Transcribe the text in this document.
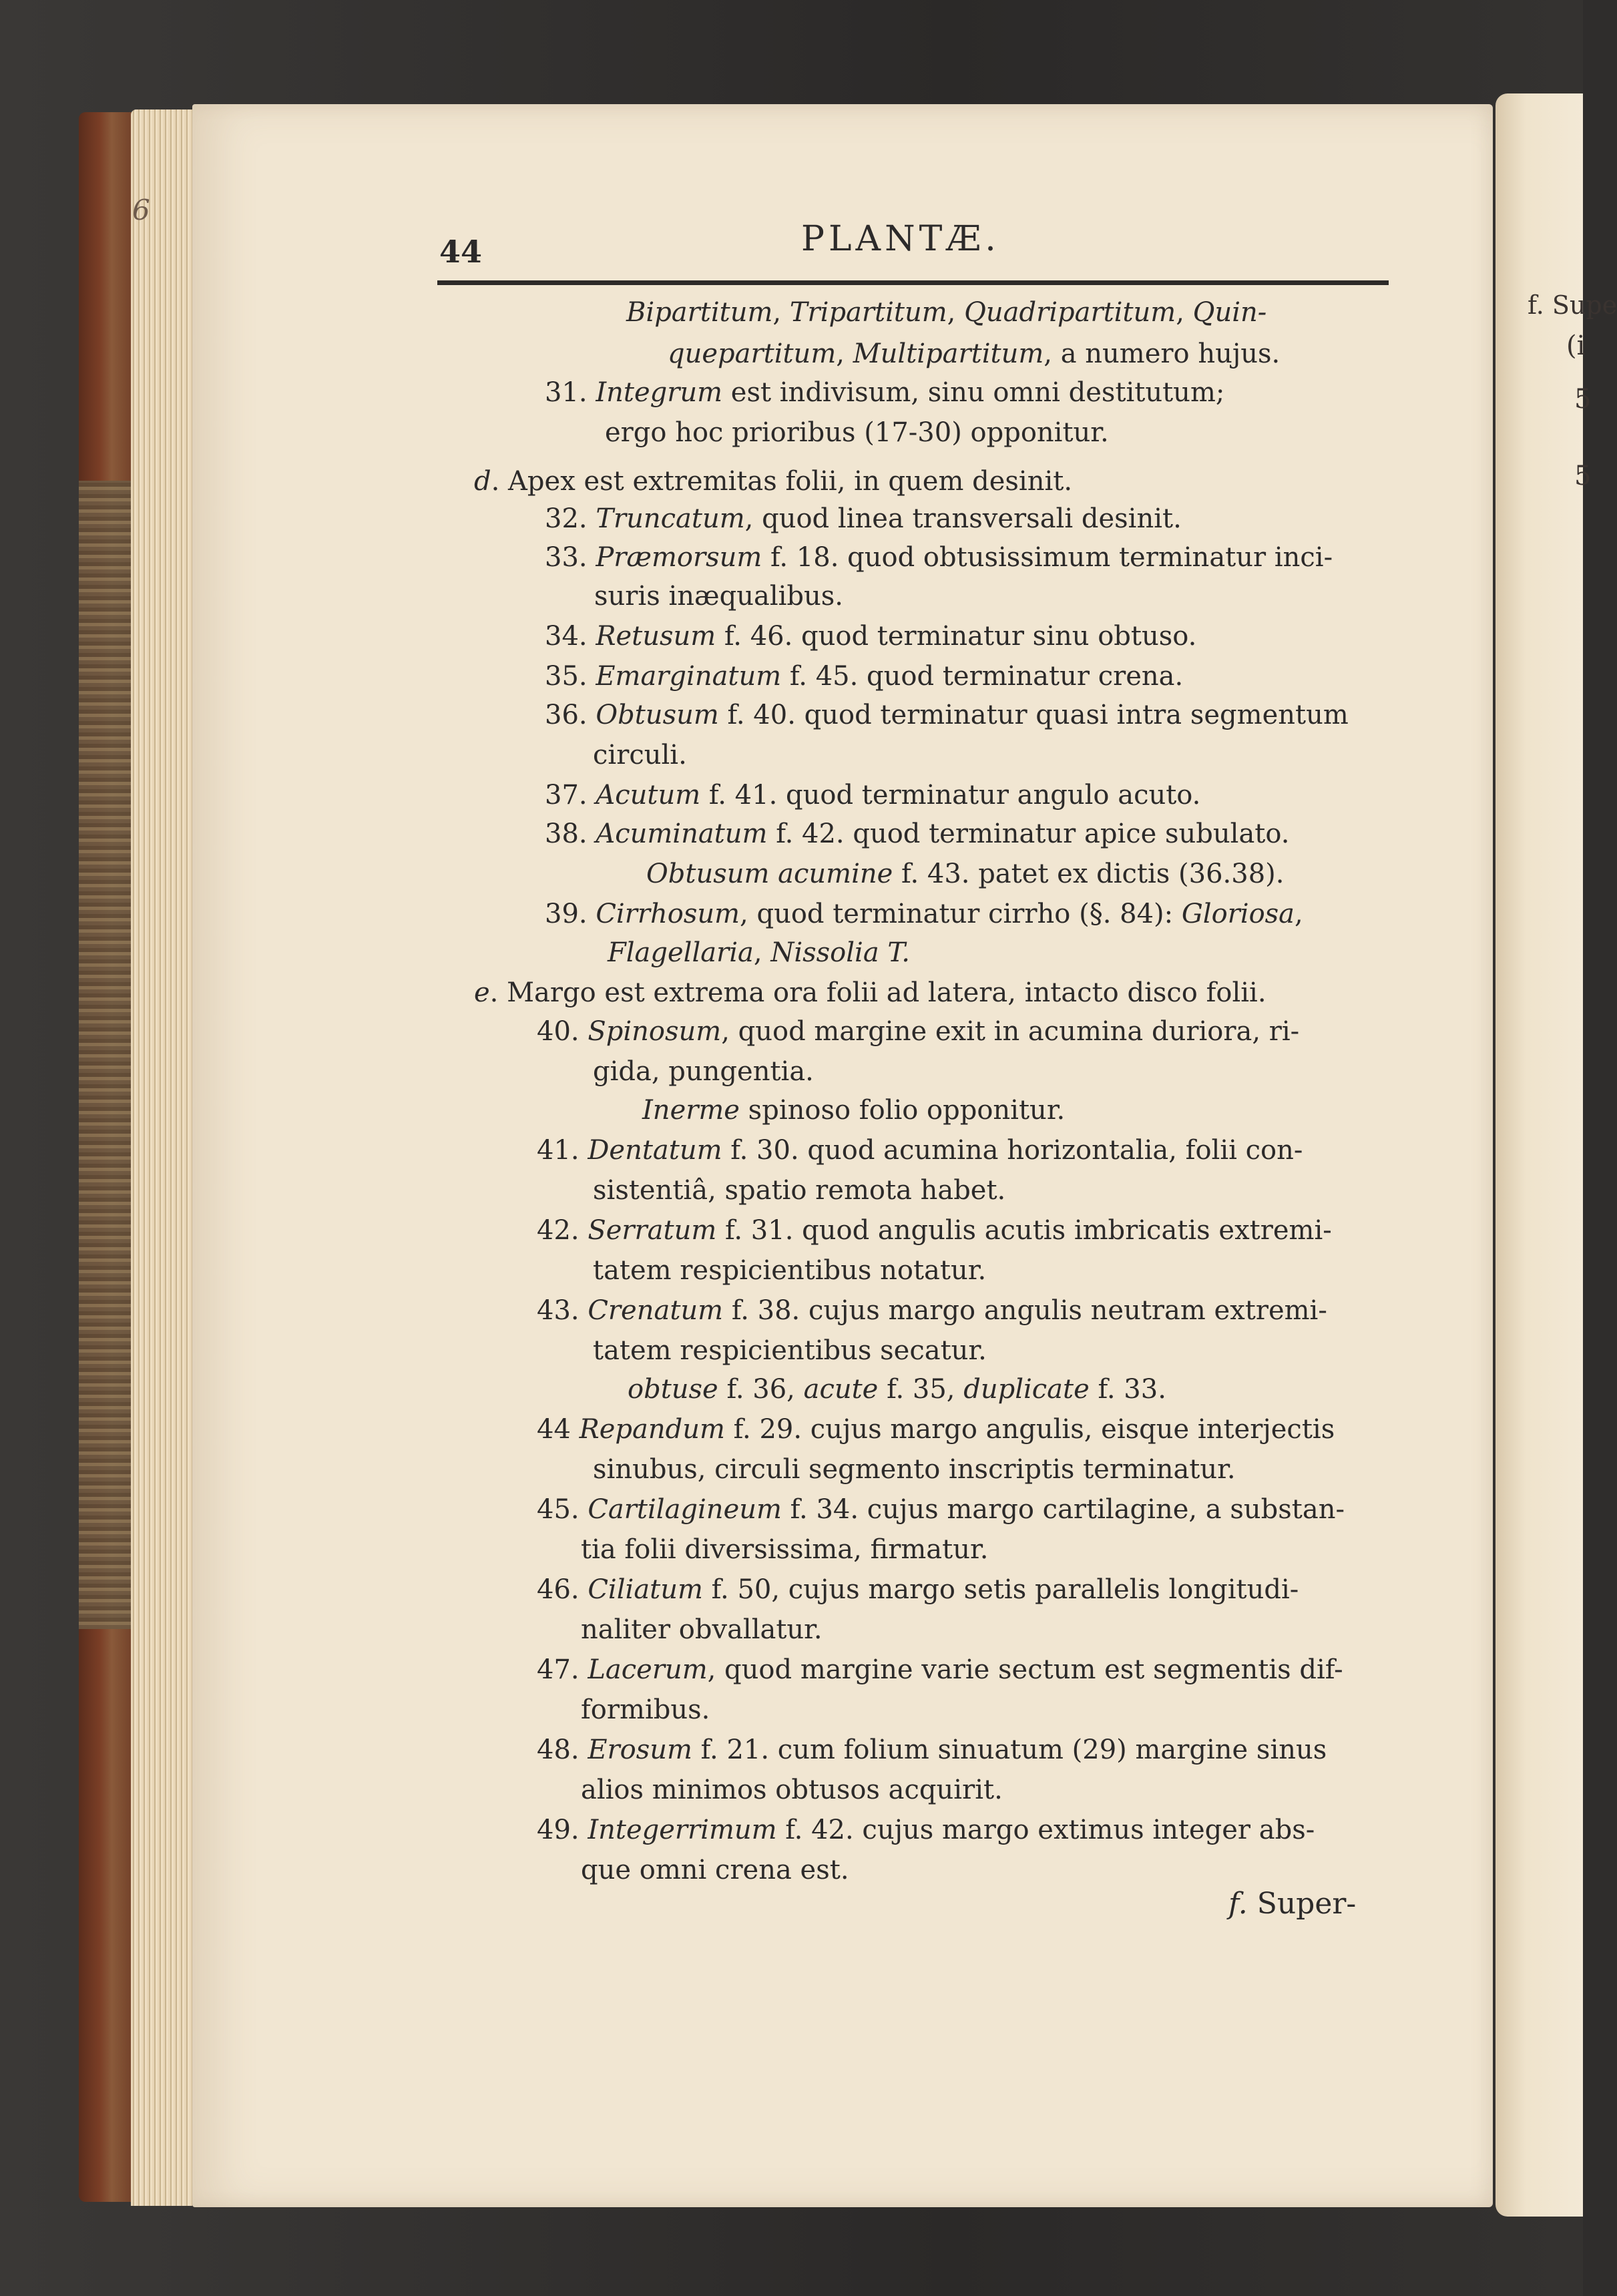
f. Supe
(i
5
5
6
44	PLANTÆ.
Bipartitum, Tripartitum, Quadripartitum, Quin-
quepartitum, Multipartitum, a numero hujus.
31. Integrum est indivisum, sinu omni destitutum;
ergo hoc prioribus (17-30) opponitur.
d. Apex est extremitas folii, in quem desinit.
32. Truncatum, quod linea transversali desinit.
33. Præmorsum f. 18. quod obtusissimum terminatur inci-
suris inæqualibus.
34. Retusum f. 46. quod terminatur sinu obtuso.
35. Emarginatum f. 45. quod terminatur crena.
36. Obtusum f. 40. quod terminatur quasi intra segmentum
circuli.
37. Acutum f. 41. quod terminatur angulo acuto.
38. Acuminatum f. 42. quod terminatur apice subulato.
Obtusum acumine f. 43. patet ex dictis (36.38).
39. Cirrhosum, quod terminatur cirrho (§. 84): Gloriosa,
Flagellaria, Nissolia T.
e. Margo est extrema ora folii ad latera, intacto disco folii.
40. Spinosum, quod margine exit in acumina duriora, ri-
gida, pungentia.
Inerme spinoso folio opponitur.
41. Dentatum f. 30. quod acumina horizontalia, folii con-
sistentiâ, spatio remota habet.
42. Serratum f. 31. quod angulis acutis imbricatis extremi-
tatem respicientibus notatur.
43. Crenatum f. 38. cujus margo angulis neutram extremi-
tatem respicientibus secatur.
obtuse f. 36, acute f. 35, duplicate f. 33.
44 Repandum f. 29. cujus margo angulis, eisque interjectis
sinubus, circuli segmento inscriptis terminatur.
45. Cartilagineum f. 34. cujus margo cartilagine, a substan-
tia folii diversissima, firmatur.
46. Ciliatum f. 50, cujus margo setis parallelis longitudi-
naliter obvallatur.
47. Lacerum, quod margine varie sectum est segmentis dif-
formibus.
48. Erosum f. 21. cum folium sinuatum (29) margine sinus
alios minimos obtusos acquirit.
49. Integerrimum f. 42. cujus margo extimus integer abs-
que omni crena est.
f. Super-
